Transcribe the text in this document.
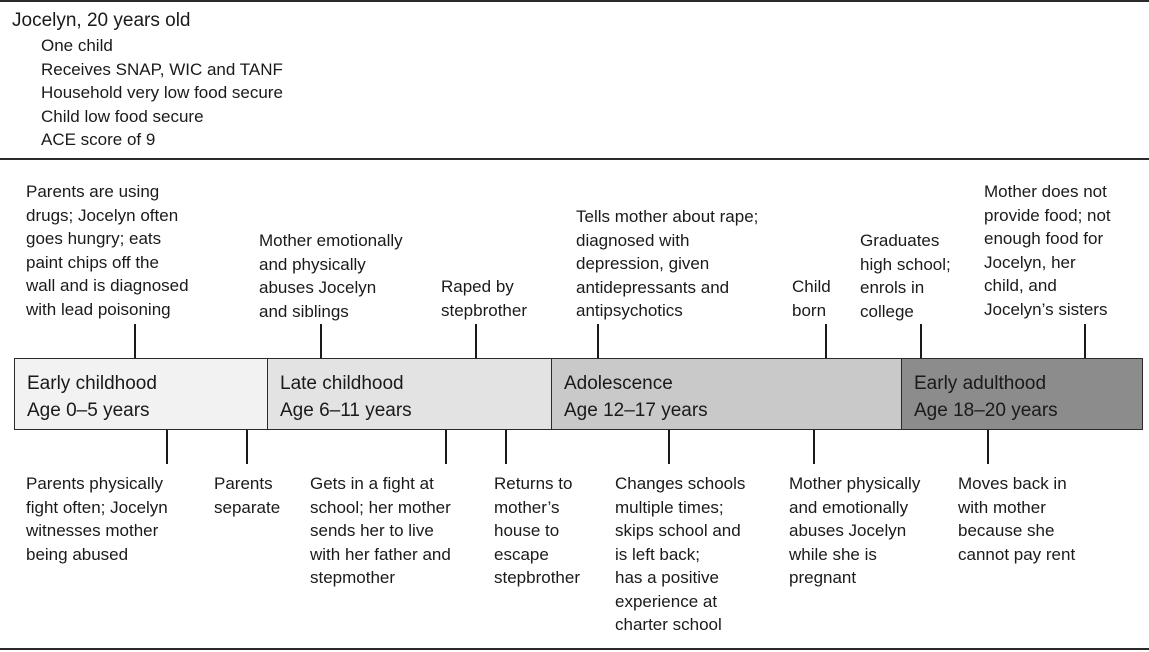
Jocelyn, 20 years old

One child
Receives SNAP, WIC and TANF
Household very low food secure
Child low food secure
ACE score of 9
Early childhood
Age 0–5 years
Late childhood
Age 6–11 years
Adolescence
Age 12–17 years
Early adulthood
Age 18–20 years

Parents are using
drugs; Jocelyn often
goes hungry; eats
paint chips off the
wall and is diagnosed
with lead poisoning

Mother emotionally
and physically
abuses Jocelyn
and siblings

Raped by
stepbrother

Tells mother about rape;
diagnosed with
depression, given
antidepressants and
antipsychotics

Child
born

Graduates
high school;
enrols in
college

Mother does not
provide food; not
enough food for
Jocelyn, her
child, and
Jocelyn’s sisters

Parents physically
fight often; Jocelyn
witnesses mother
being abused

Parents
separate

Gets in a fight at
school; her mother
sends her to live
with her father and
stepmother

Returns to
mother’s
house to
escape
stepbrother

Changes schools
multiple times;
skips school and
is left back;
has a positive
experience at
charter school

Mother physically
and emotionally
abuses Jocelyn
while she is
pregnant

Moves back in
with mother
because she
cannot pay rent
